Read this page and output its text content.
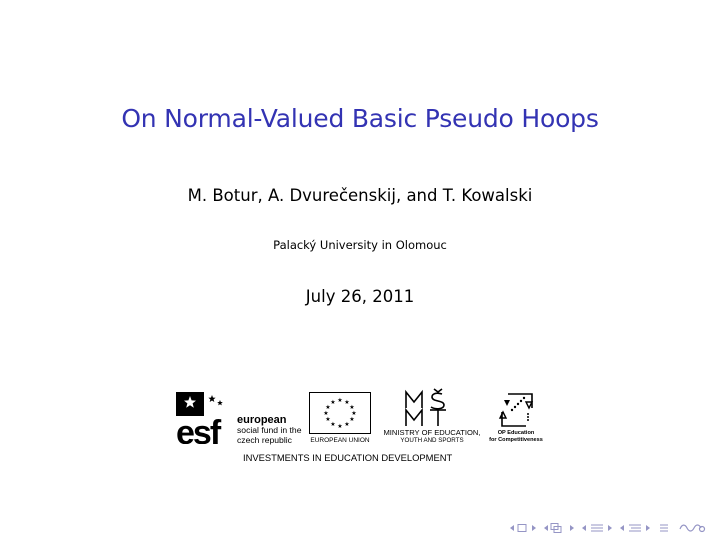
On Normal-Valued Basic Pseudo Hoops
M. Botur, A. Dvurečenskij, and T. Kowalski
Palacký University in Olomouc
July 26, 2011
esf european
social fund in the
czech republic
★ ★
★
★
★
★
★
★
★
★
★
★
EUROPEAN UNION
MINISTRY OF EDUCATION,
YOUTH AND SPORTS
OP Education
for Competitiveness
INVESTMENTS IN EDUCATION DEVELOPMENT
